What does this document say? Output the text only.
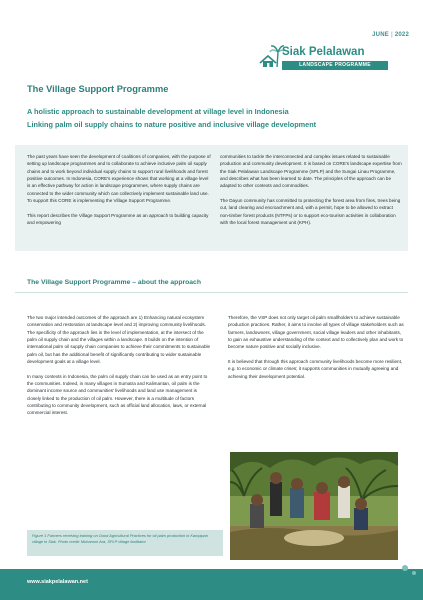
JUNE | 2022
Siak Pelalawan
LANDSCAPE PROGRAMME
The Village Support Programme
A holistic approach to sustainable development at village level in Indonesia
Linking palm oil supply chains to nature positive and inclusive village development

The past years have seen the development of coalitions of companies, with the purpose of setting up landscape programmes and to collaborate to achieve inclusive palm oil supply chains and to work beyond individual supply chains to support rural livelihoods and forest positive outcomes. In Indonesia, CORE's experience shows that working at a village level is an effective pathway for action in landscape programmes, where supply chains are connected to the wider community which can collectively implement sustainable land use. To support this CORE is implementing the Village Support Programme.

This report describes the Village Support Programme as an approach to building capacity and empowering

communities to tackle the interconnected and complex issues related to sustainable production and community development. It is based on CORE's landscape expertise from the Siak Pelalawan Landscape Programme (SPLP) and the Sungai Linau Programme, and describes what has been learned to date. The principles of the approach can be adapted to other contexts and commodities.

The Dayun community has committed to protecting the forest area from fires, trees being cut, land clearing and encroachment and, with a permit, hope to be allowed to extract non-timber forest products (NTFPs) or to support eco-tourism activities in collaboration with the local forest management unit (KPH).

The Village Support Programme – about the approach

The two major intended outcomes of the approach are 1) Enhancing natural ecosystem conservation and restoration at landscape level and 2) improving community livelihoods. The specificity of the approach lies in the level of implementation, at the intersect of the palm oil supply chain and the villages within a landscape. It builds on the intention of international palm oil supply chain companies to achieve their commitments to sustainable palm oil, but has the additional benefit of significantly contributing to wider sustainable development goals at a village level.

In many contexts in Indonesia, the palm oil supply chain can be used as an entry point to the communities. Indeed, in many villages in Sumatra and Kalimantan, oil palm is the dominant income source and communities' livelihoods and land use management is closely linked to the production of oil palm. However, there is a multitude of factors contributing to community development, such as official land allocation, laws, or external commercial interest.

Therefore, the VSP does not only target oil palm smallholders to achieve sustainable production practices. Rather, it aims to involve all types of village stakeholders such as farmers, landowners, village government, social village leaders and other inhabitants, to gain an exhaustive understanding of the context and to collectively plan and work to become nature positive and socially inclusive.

It is believed that through this approach community livelihoods become more resilient, e.g. to economic or climate crises; it supports communities in mutually agreeing and achieving their development potential.

Figure 1 Farmers receiving training on Good Agricultural Practices for oil palm production in Kampipan village in Siak. Photo credit: Muharomi Ara, SPLP village facilitator
www.siakpelalawan.net
